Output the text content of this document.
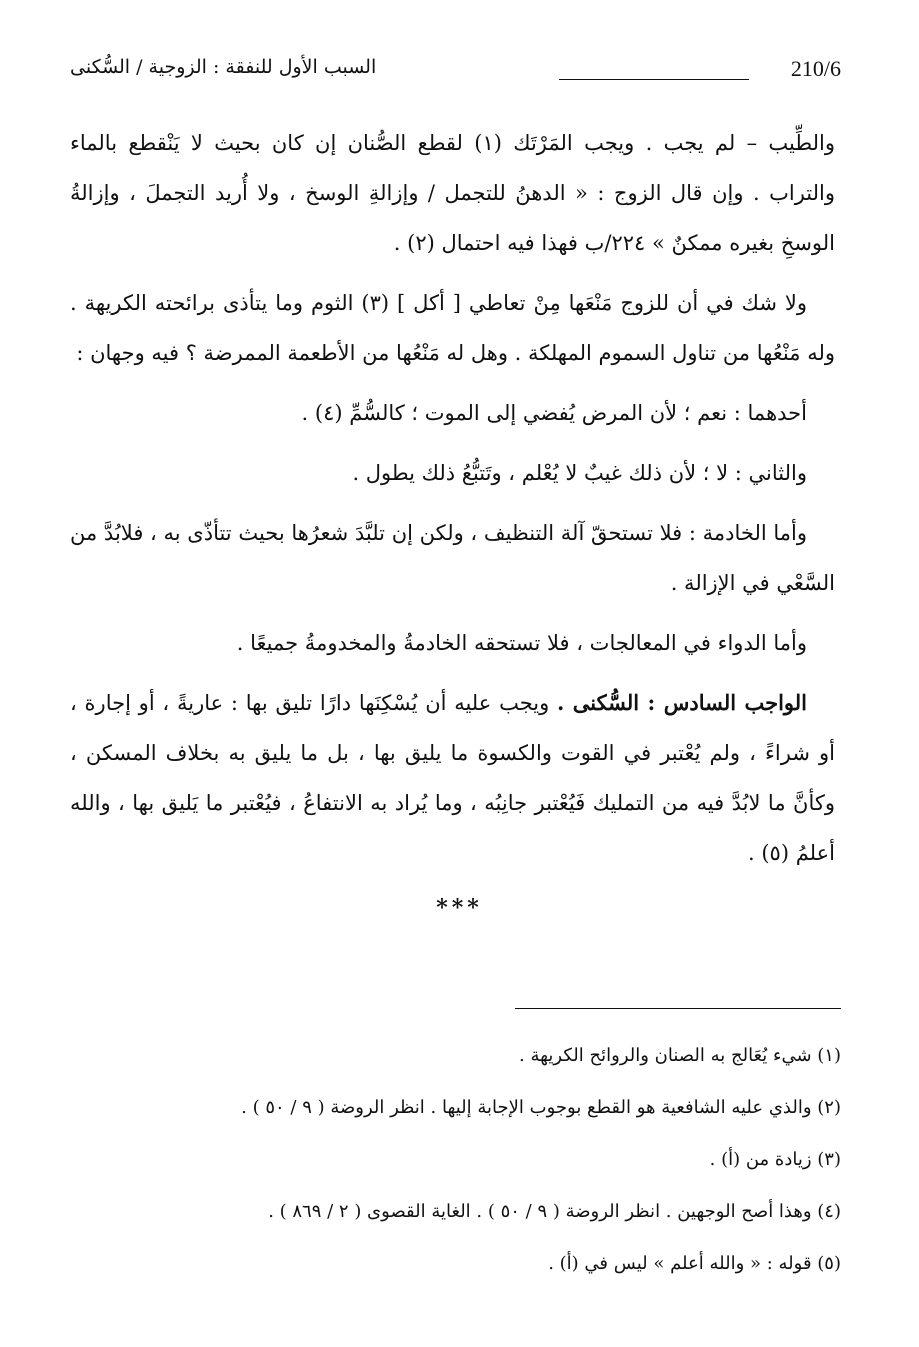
210/6
السبب الأول للنفقة : الزوجية / السُّكنى

والطِّيب – لم يجب . ويجب المَرْتَك (١) لقطع الصُّنان إن كان بحيث لا يَنْقطع بالماء والتراب . وإن قال الزوج : « الدهنُ للتجمل / وإزالةِ الوسخ ، ولا أُريد التجملَ ، وإزالةُ الوسخِ بغيره ممكنٌ » ٢٢٤/ب فهذا فيه احتمال (٢) .

ولا شك في أن للزوج مَنْعَها مِنْ تعاطي [ أكل ] (٣) الثوم وما يتأذى برائحته الكريهة . وله مَنْعُها من تناول السموم المهلكة . وهل له مَنْعُها من الأطعمة الممرضة ؟ فيه وجهان :

أحدهما : نعم ؛ لأن المرض يُفضي إلى الموت ؛ كالسُّمِّ (٤) .

والثاني : لا ؛ لأن ذلك غيبٌ لا يُعْلم ، وتَتبُّعُ ذلك يطول .

وأما الخادمة : فلا تستحقّ آلة التنظيف ، ولكن إن تلبَّدَ شعرُها بحيث تتأذّى به ، فلابُدَّ من السَّعْي في الإزالة .

وأما الدواء في المعالجات ، فلا تستحقه الخادمةُ والمخدومةُ جميعًا .

الواجب السادس : السُّكنى . ويجب عليه أن يُسْكِنَها دارًا تليق بها : عاريةً ، أو إجارة ، أو شراءً ، ولم يُعْتبر في القوت والكسوة ما يليق بها ، بل ما يليق به بخلاف المسكن ، وكأنَّ ما لابُدَّ فيه من التمليك فَيُعْتبر جانِبُه ، وما يُراد به الانتفاعُ ، فيُعْتبر ما يَليق بها ، والله أعلمُ (٥) .

***
(١) شيء يُعَالج به الصنان والروائح الكريهة .
(٢) والذي عليه الشافعية هو القطع بوجوب الإجابة إليها . انظر الروضة ( ٩ / ٥٠ ) .
(٣) زيادة من (أ) .
(٤) وهذا أصح الوجهين . انظر الروضة ( ٩ / ٥٠ ) . الغاية القصوى ( ٢ / ٨٦٩ ) .
(٥) قوله : « والله أعلم » ليس في (أ) .
